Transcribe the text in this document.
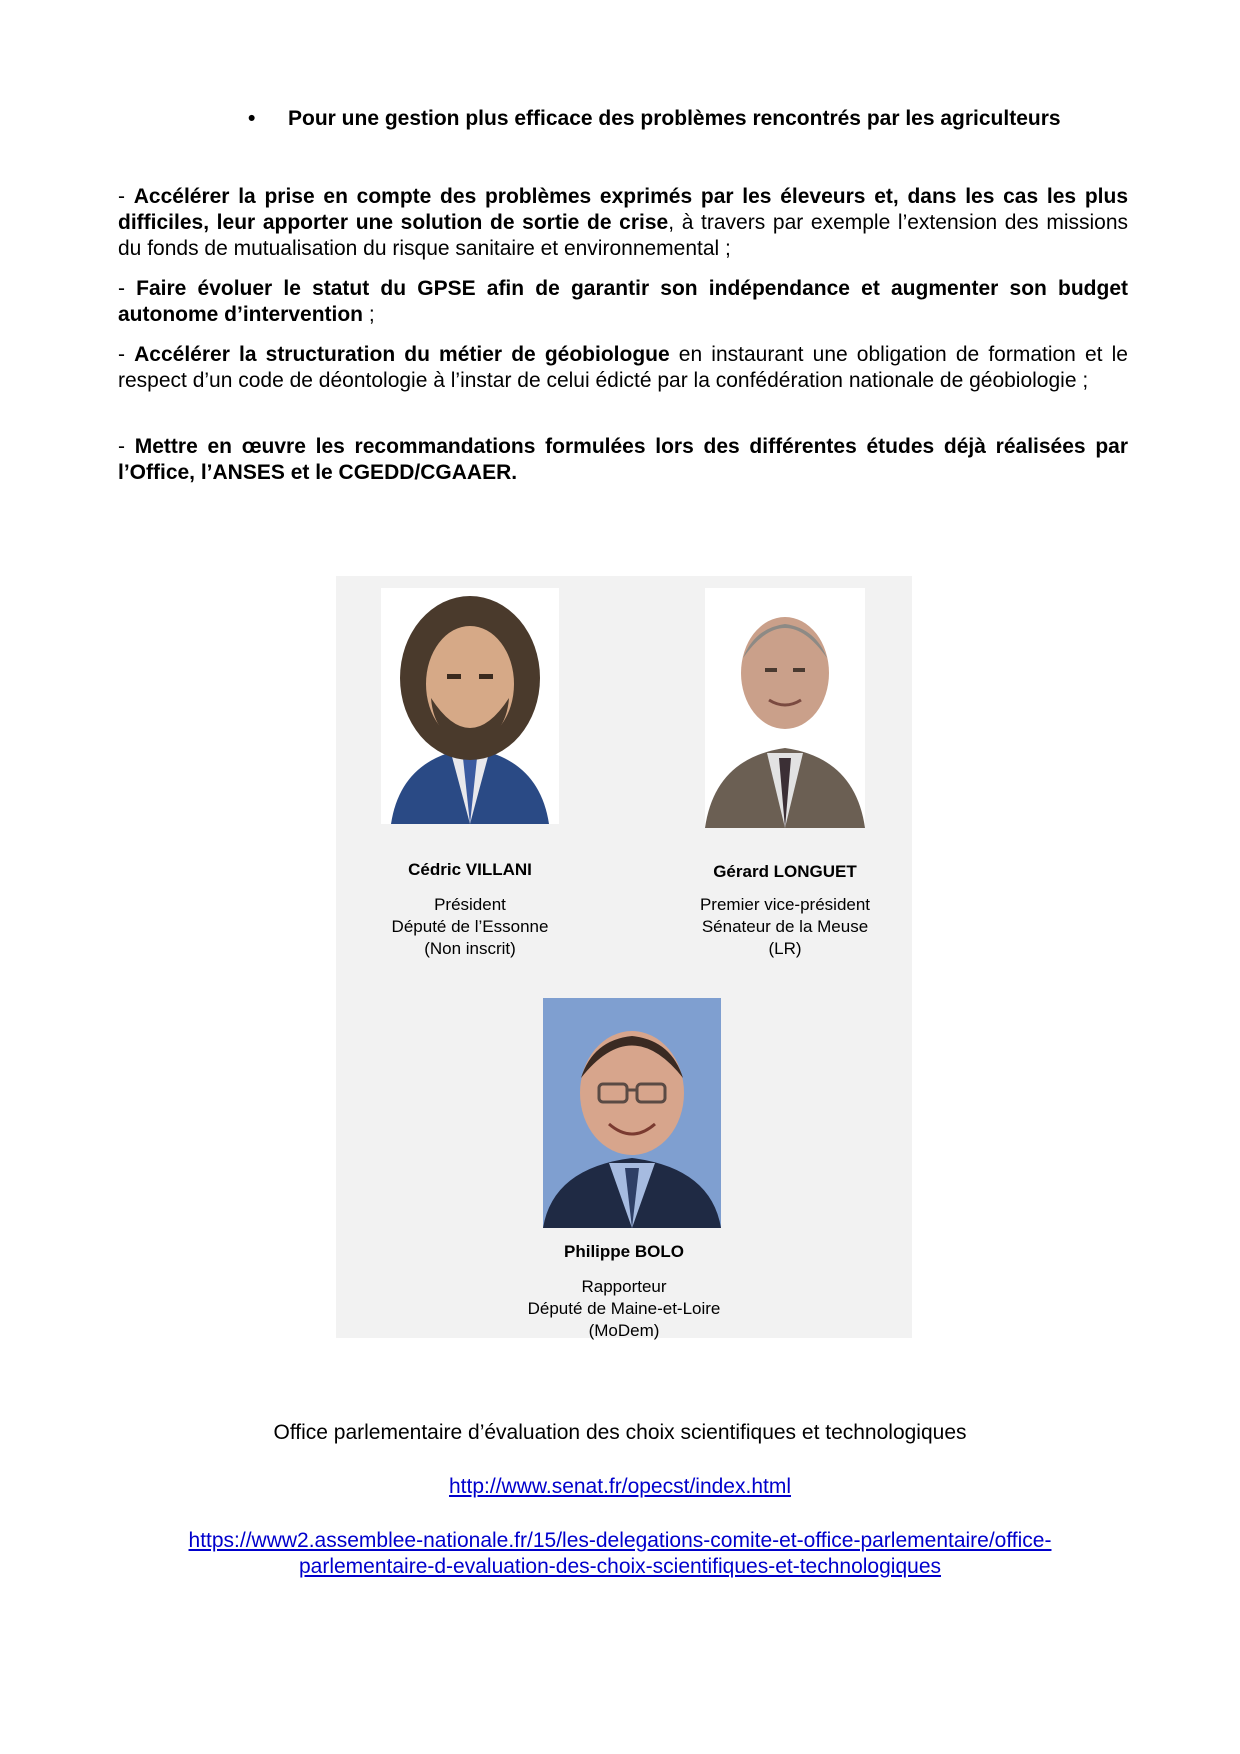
•	Pour une gestion plus efficace des problèmes rencontrés par les agriculteurs
- Accélérer la prise en compte des problèmes exprimés par les éleveurs et, dans les cas les plus difficiles, leur apporter une solution de sortie de crise, à travers par exemple l’extension des missions du fonds de mutualisation du risque sanitaire et environnemental ;
- Faire évoluer le statut du GPSE afin de garantir son indépendance et augmenter son budget autonome d’intervention ;
- Accélérer la structuration du métier de géobiologue en instaurant une obligation de formation et le respect d’un code de déontologie à l’instar de celui édicté par la confédération nationale de géobiologie ;
- Mettre en œuvre les recommandations formulées lors des différentes études déjà réalisées par l’Office, l’ANSES et le CGEDD/CGAAER.
Cédric VILLANI
Président
Député de l’Essonne
(Non inscrit)
Gérard LONGUET
Premier vice-président
Sénateur de la Meuse
(LR)
Philippe BOLO
Rapporteur
Député de Maine-et-Loire
(MoDem)
Office parlementaire d’évaluation des choix scientifiques et technologiques
http://www.senat.fr/opecst/index.html
https://www2.assemblee-nationale.fr/15/les-delegations-comite-et-office-parlementaire/office-
parlementaire-d-evaluation-des-choix-scientifiques-et-technologiques
